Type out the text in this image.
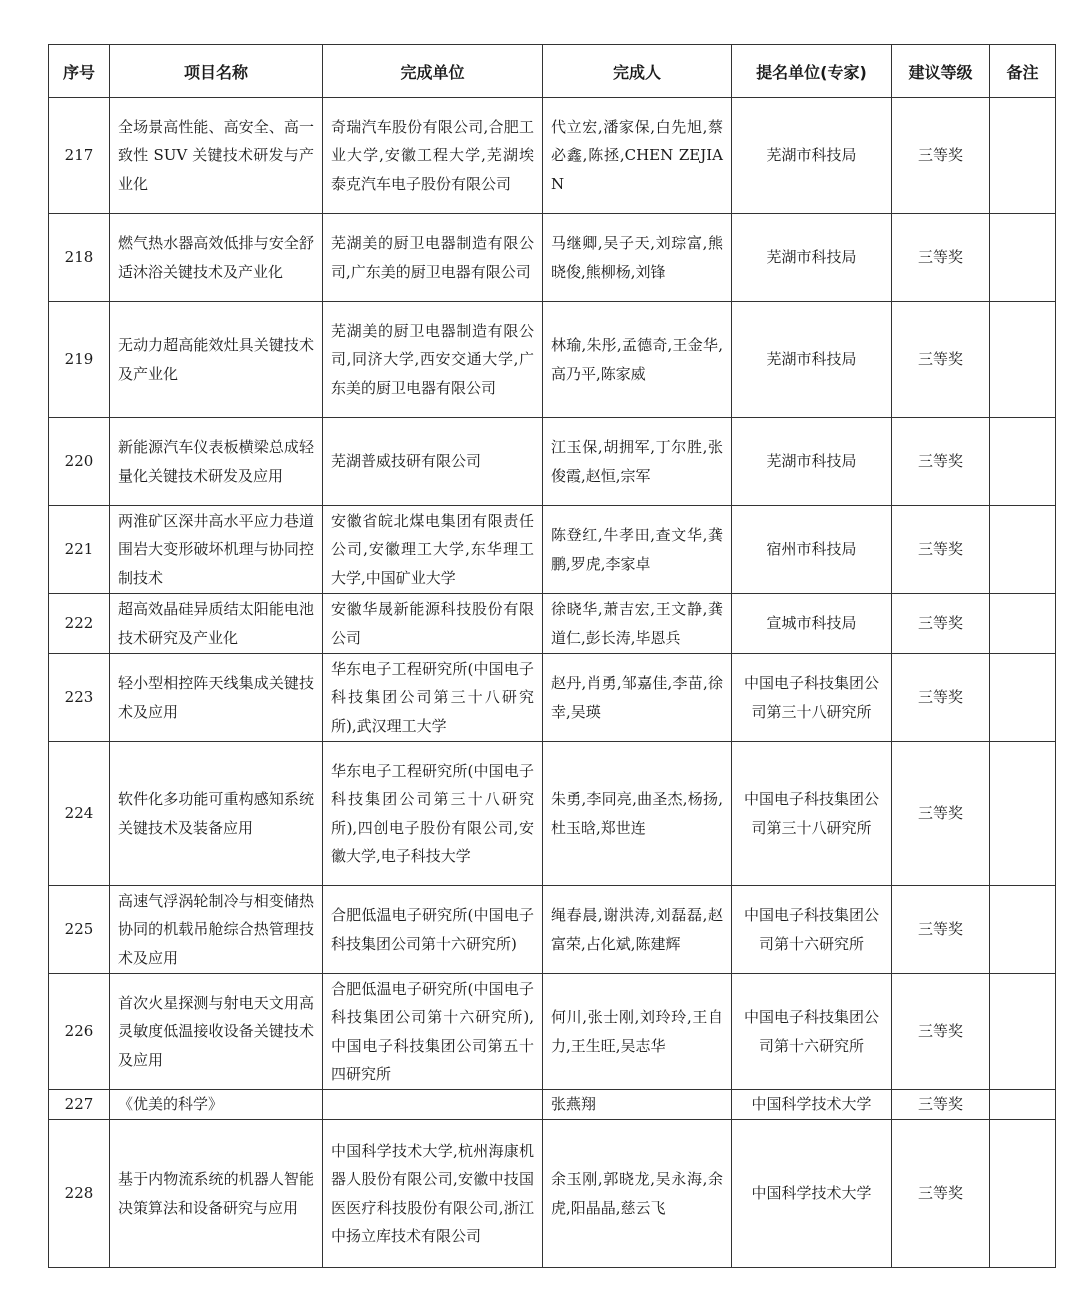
序号	项目名称	完成单位	完成人	提名单位(专家)	建议等级	备注
217	全场景高性能、高安全、高一致性 SUV 关键技术研发与产业化	奇瑞汽车股份有限公司,合肥工业大学,安徽工程大学,芜湖埃泰克汽车电子股份有限公司	代立宏,潘家保,白先旭,蔡必鑫,陈拯,CHEN ZEJIAN	芜湖市科技局	三等奖	
218	燃气热水器高效低排与安全舒适沐浴关键技术及产业化	芜湖美的厨卫电器制造有限公司,广东美的厨卫电器有限公司	马继卿,吴子天,刘琮富,熊晓俊,熊柳杨,刘锋	芜湖市科技局	三等奖	
219	无动力超高能效灶具关键技术及产业化	芜湖美的厨卫电器制造有限公司,同济大学,西安交通大学,广东美的厨卫电器有限公司	林瑜,朱彤,孟德奇,王金华,高乃平,陈家威	芜湖市科技局	三等奖	
220	新能源汽车仪表板横梁总成轻量化关键技术研发及应用	芜湖普威技研有限公司	江玉保,胡拥军,丁尔胜,张俊霞,赵恒,宗军	芜湖市科技局	三等奖	
221	两淮矿区深井高水平应力巷道围岩大变形破坏机理与协同控制技术	安徽省皖北煤电集团有限责任公司,安徽理工大学,东华理工大学,中国矿业大学	陈登红,牛孝田,查文华,龚鹏,罗虎,李家卓	宿州市科技局	三等奖	
222	超高效晶硅异质结太阳能电池技术研究及产业化	安徽华晟新能源科技股份有限公司	徐晓华,萧吉宏,王文静,龚道仁,彭长涛,毕恩兵	宣城市科技局	三等奖	
223	轻小型相控阵天线集成关键技术及应用	华东电子工程研究所(中国电子科技集团公司第三十八研究所),武汉理工大学	赵丹,肖勇,邹嘉佳,李苗,徐幸,吴瑛	中国电子科技集团公司第三十八研究所	三等奖	
224	软件化多功能可重构感知系统关键技术及装备应用	华东电子工程研究所(中国电子科技集团公司第三十八研究所),四创电子股份有限公司,安徽大学,电子科技大学	朱勇,李同亮,曲圣杰,杨扬,杜玉晗,郑世连	中国电子科技集团公司第三十八研究所	三等奖	
225	高速气浮涡轮制冷与相变储热协同的机载吊舱综合热管理技术及应用	合肥低温电子研究所(中国电子科技集团公司第十六研究所)	绳春晨,谢洪涛,刘磊磊,赵富荣,占化斌,陈建辉	中国电子科技集团公司第十六研究所	三等奖	
226	首次火星探测与射电天文用高灵敏度低温接收设备关键技术及应用	合肥低温电子研究所(中国电子科技集团公司第十六研究所),中国电子科技集团公司第五十四研究所	何川,张士刚,刘玲玲,王自力,王生旺,吴志华	中国电子科技集团公司第十六研究所	三等奖	
227	《优美的科学》		张燕翔	中国科学技术大学	三等奖	
228	基于内物流系统的机器人智能决策算法和设备研究与应用	中国科学技术大学,杭州海康机器人股份有限公司,安徽中技国医医疗科技股份有限公司,浙江中扬立库技术有限公司	余玉刚,郭晓龙,吴永海,余虎,阳晶晶,慈云飞	中国科学技术大学	三等奖	
